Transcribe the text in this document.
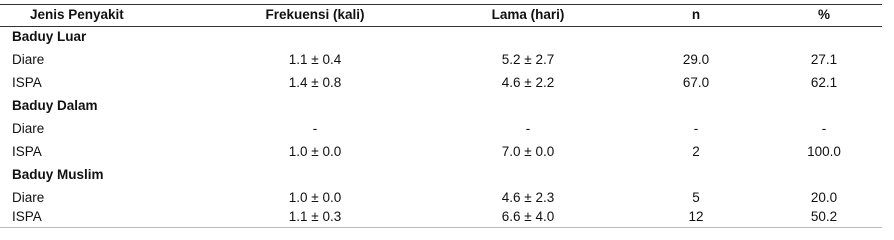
Jenis Penyakit	Frekuensi (kali)	Lama (hari)	n	%
Baduy Luar
Diare	1.1 ± 0.4	5.2 ± 2.7	29.0	27.1
ISPA	1.4 ± 0.8	4.6 ± 2.2	67.0	62.1
Baduy Dalam
Diare	-	-	-	-
ISPA	1.0 ± 0.0	7.0 ± 0.0	2	100.0
Baduy Muslim
Diare	1.0 ± 0.0	4.6 ± 2.3	5	20.0
ISPA	1.1 ± 0.3	6.6 ± 4.0	12	50.2
